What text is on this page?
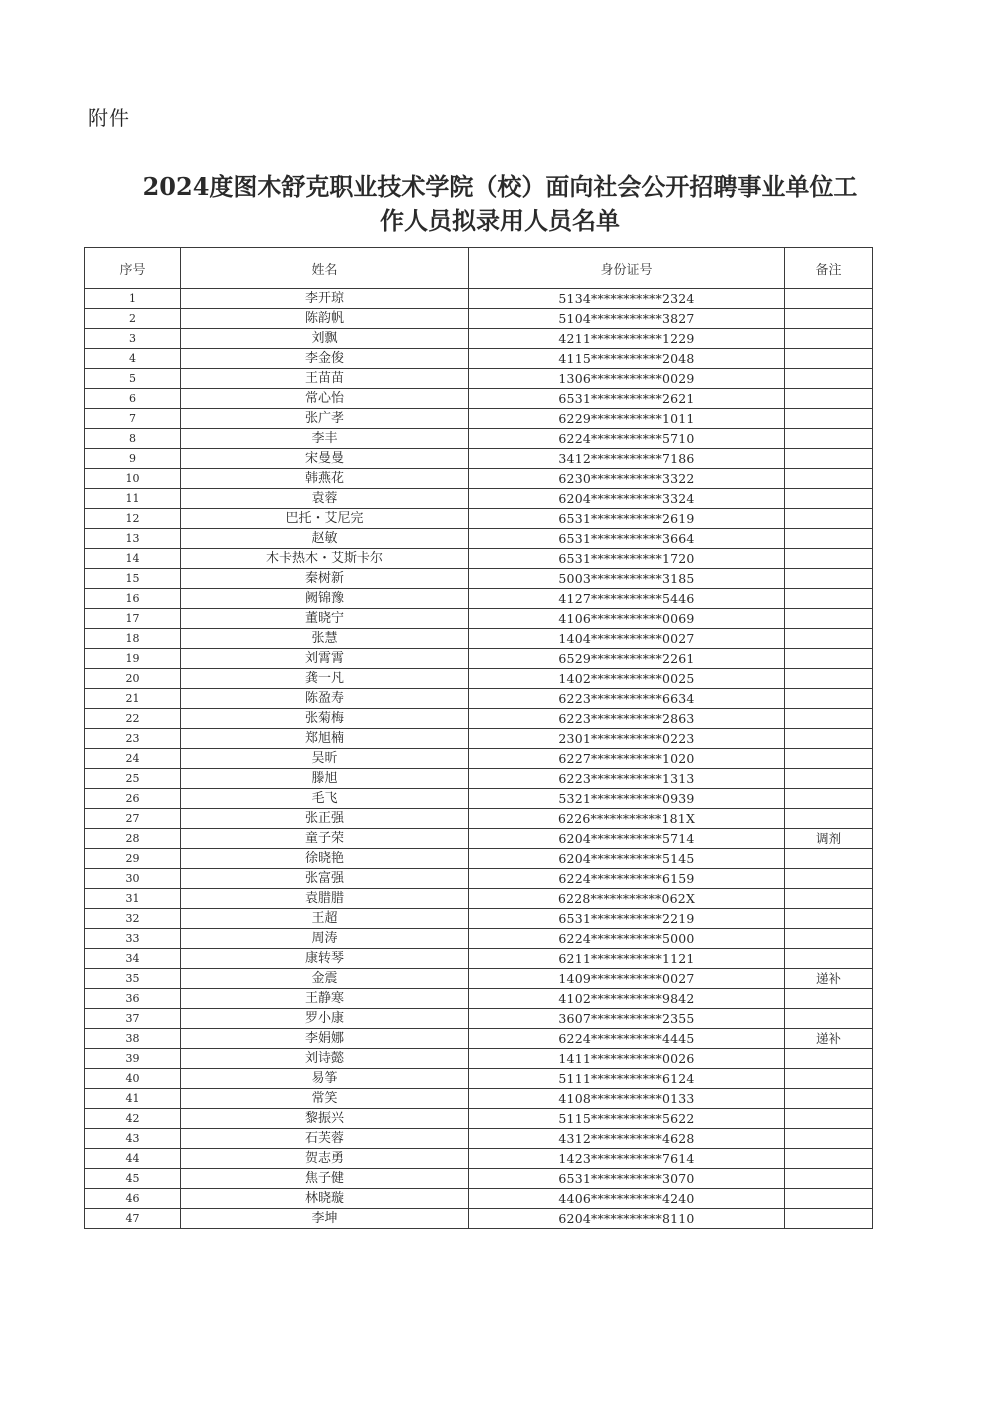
附件
2024度图木舒克职业技术学院（校）面向社会公开招聘事业单位工
作人员拟录用人员名单
序号	姓名	身份证号	备注
1	李开琼	5134***********2324	
2	陈韵帆	5104***********3827	
3	刘飘	4211***********1229	
4	李金俊	4115***********2048	
5	王苗苗	1306***********0029	
6	常心怡	6531***********2621	
7	张广孝	6229***********1011	
8	李丰	6224***********5710	
9	宋曼曼	3412***********7186	
10	韩燕花	6230***********3322	
11	袁蓉	6204***********3324	
12	巴托・艾尼完	6531***********2619	
13	赵敏	6531***********3664	
14	木卡热木・艾斯卡尔	6531***********1720	
15	秦树新	5003***********3185	
16	阙锦豫	4127***********5446	
17	董晓宁	4106***********0069	
18	张慧	1404***********0027	
19	刘霄霄	6529***********2261	
20	龚一凡	1402***********0025	
21	陈盈寿	6223***********6634	
22	张菊梅	6223***********2863	
23	郑旭楠	2301***********0223	
24	吴昕	6227***********1020	
25	滕旭	6223***********1313	
26	毛飞	5321***********0939	
27	张正强	6226***********181X	
28	童子荣	6204***********5714	调剂
29	徐晓艳	6204***********5145	
30	张富强	6224***********6159	
31	袁腊腊	6228***********062X	
32	王超	6531***********2219	
33	周涛	6224***********5000	
34	康转琴	6211***********1121	
35	金震	1409***********0027	递补
36	王静寒	4102***********9842	
37	罗小康	3607***********2355	
38	李娟娜	6224***********4445	递补
39	刘诗懿	1411***********0026	
40	易筝	5111***********6124	
41	常笑	4108***********0133	
42	黎振兴	5115***********5622	
43	石芙蓉	4312***********4628	
44	贺志勇	1423***********7614	
45	焦子健	6531***********3070	
46	林晓璇	4406***********4240	
47	李坤	6204***********8110	
